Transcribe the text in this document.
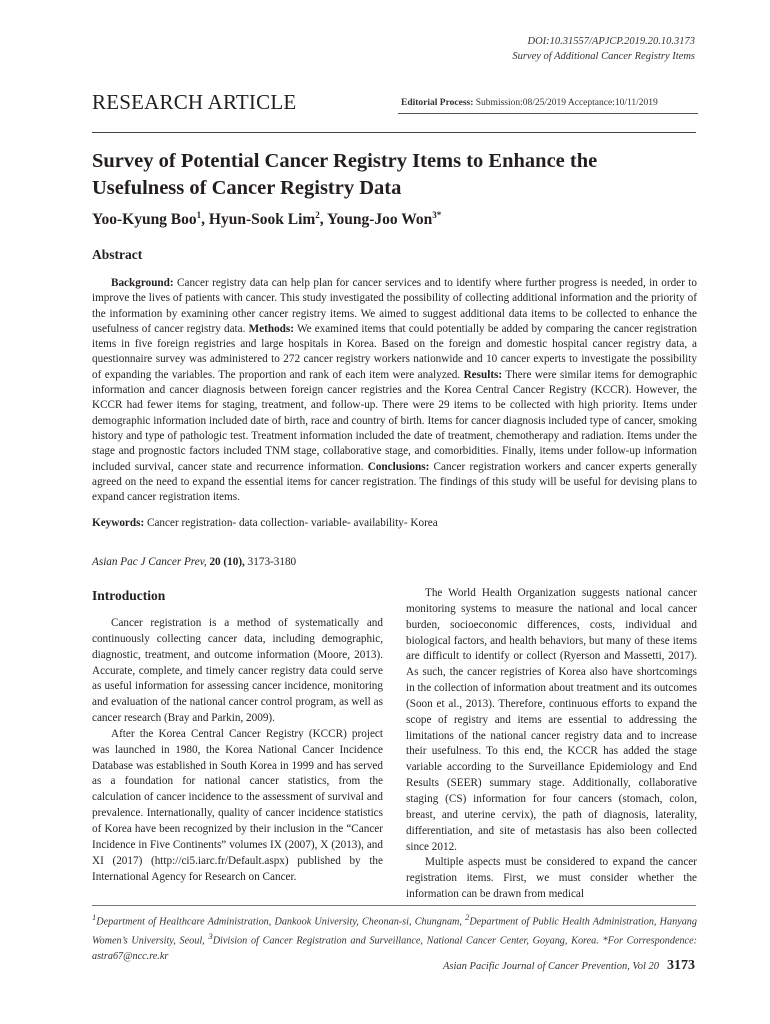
DOI:10.31557/APJCP.2019.20.10.3173
Survey of Additional Cancer Registry Items
RESEARCH ARTICLE	Editorial Process: Submission:08/25/2019 Acceptance:10/11/2019
Survey of Potential Cancer Registry Items to Enhance the
Usefulness of Cancer Registry Data
Yoo-Kyung Boo$^1$, Hyun-Sook Lim$^2$, Young-Joo Won$^{3*}$
Abstract

Background: Cancer registry data can help plan for cancer services and to identify where further progress is needed, in order to improve the lives of patients with cancer. This study investigated the possibility of collecting additional information and the priority of the information by examining other cancer registry items. We aimed to suggest additional data items to be collected to enhance the usefulness of cancer registry data. Methods: We examined items that could potentially be added by comparing the cancer registration items in five foreign registries and large hospitals in Korea. Based on the foreign and domestic hospital cancer registry data, a questionnaire survey was administered to 272 cancer registry workers nationwide and 10 cancer experts to investigate the possibility of expanding the variables. The proportion and rank of each item were analyzed. Results: There were similar items for demographic information and cancer diagnosis between foreign cancer registries and the Korea Central Cancer Registry (KCCR). However, the KCCR had fewer items for staging, treatment, and follow-up. There were 29 items to be collected with high priority. Items under demographic information included date of birth, race and country of birth. Items for cancer diagnosis included type of cancer, smoking history and type of pathologic test. Treatment information included the date of treatment, chemotherapy and radiation. Items under the stage and prognostic factors included TNM stage, collaborative stage, and comorbidities. Finally, items under follow-up information included survival, cancer state and recurrence information. Conclusions: Cancer registration workers and cancer experts generally agreed on the need to expand the essential items for cancer registration. The findings of this study will be useful for devising plans to expand cancer registration items.

Keywords: Cancer registration- data collection- variable- availability- Korea
Asian Pac J Cancer Prev, 20 (10), 3173-3180
Introduction

Cancer registration is a method of systematically and continuously collecting cancer data, including demographic, diagnostic, treatment, and outcome information (Moore, 2013). Accurate, complete, and timely cancer registry data could serve as useful information for assessing cancer incidence, monitoring and evaluation of the national cancer control program, as well as cancer research (Bray and Parkin, 2009).

After the Korea Central Cancer Registry (KCCR) project was launched in 1980, the Korea National Cancer Incidence Database was established in South Korea in 1999 and has served as a foundation for national cancer statistics, from the calculation of cancer incidence to the assessment of survival and prevalence. Internationally, quality of cancer incidence statistics of Korea have been recognized by their inclusion in the “Cancer Incidence in Five Continents” volumes IX (2007), X (2013), and XI (2017) (http://ci5.iarc.fr/Default.aspx) published by the International Agency for Research on Cancer.

The World Health Organization suggests national cancer monitoring systems to measure the national and local cancer burden, socioeconomic differences, costs, individual and biological factors, and health behaviors, but many of these items are difficult to identify or collect (Ryerson and Massetti, 2017). As such, the cancer registries of Korea also have shortcomings in the collection of information about treatment and its outcomes (Soon et al., 2013). Therefore, continuous efforts to expand the scope of registry and items are essential to addressing the limitations of the national cancer registry data and to increase their usefulness. To this end, the KCCR has added the stage variable according to the Surveillance Epidemiology and End Results (SEER) summary stage. Additionally, collaborative staging (CS) information for four cancers (stomach, colon, breast, and uterine cervix), the path of diagnosis, laterality, differentiation, and site of metastasis has also been collected since 2012.

Multiple aspects must be considered to expand the cancer registration items. First, we must consider whether the information can be drawn from medical

$^1$Department of Healthcare Administration, Dankook University, Cheonan-si, Chungnam, $^2$Department of Public Health Administration, Hanyang Women’s University, Seoul, $^3$Division of Cancer Registration and Surveillance, National Cancer Center, Goyang, Korea. *For Correspondence: astra67@ncc.re.kr
Asian Pacific Journal of Cancer Prevention, Vol 20 3173
